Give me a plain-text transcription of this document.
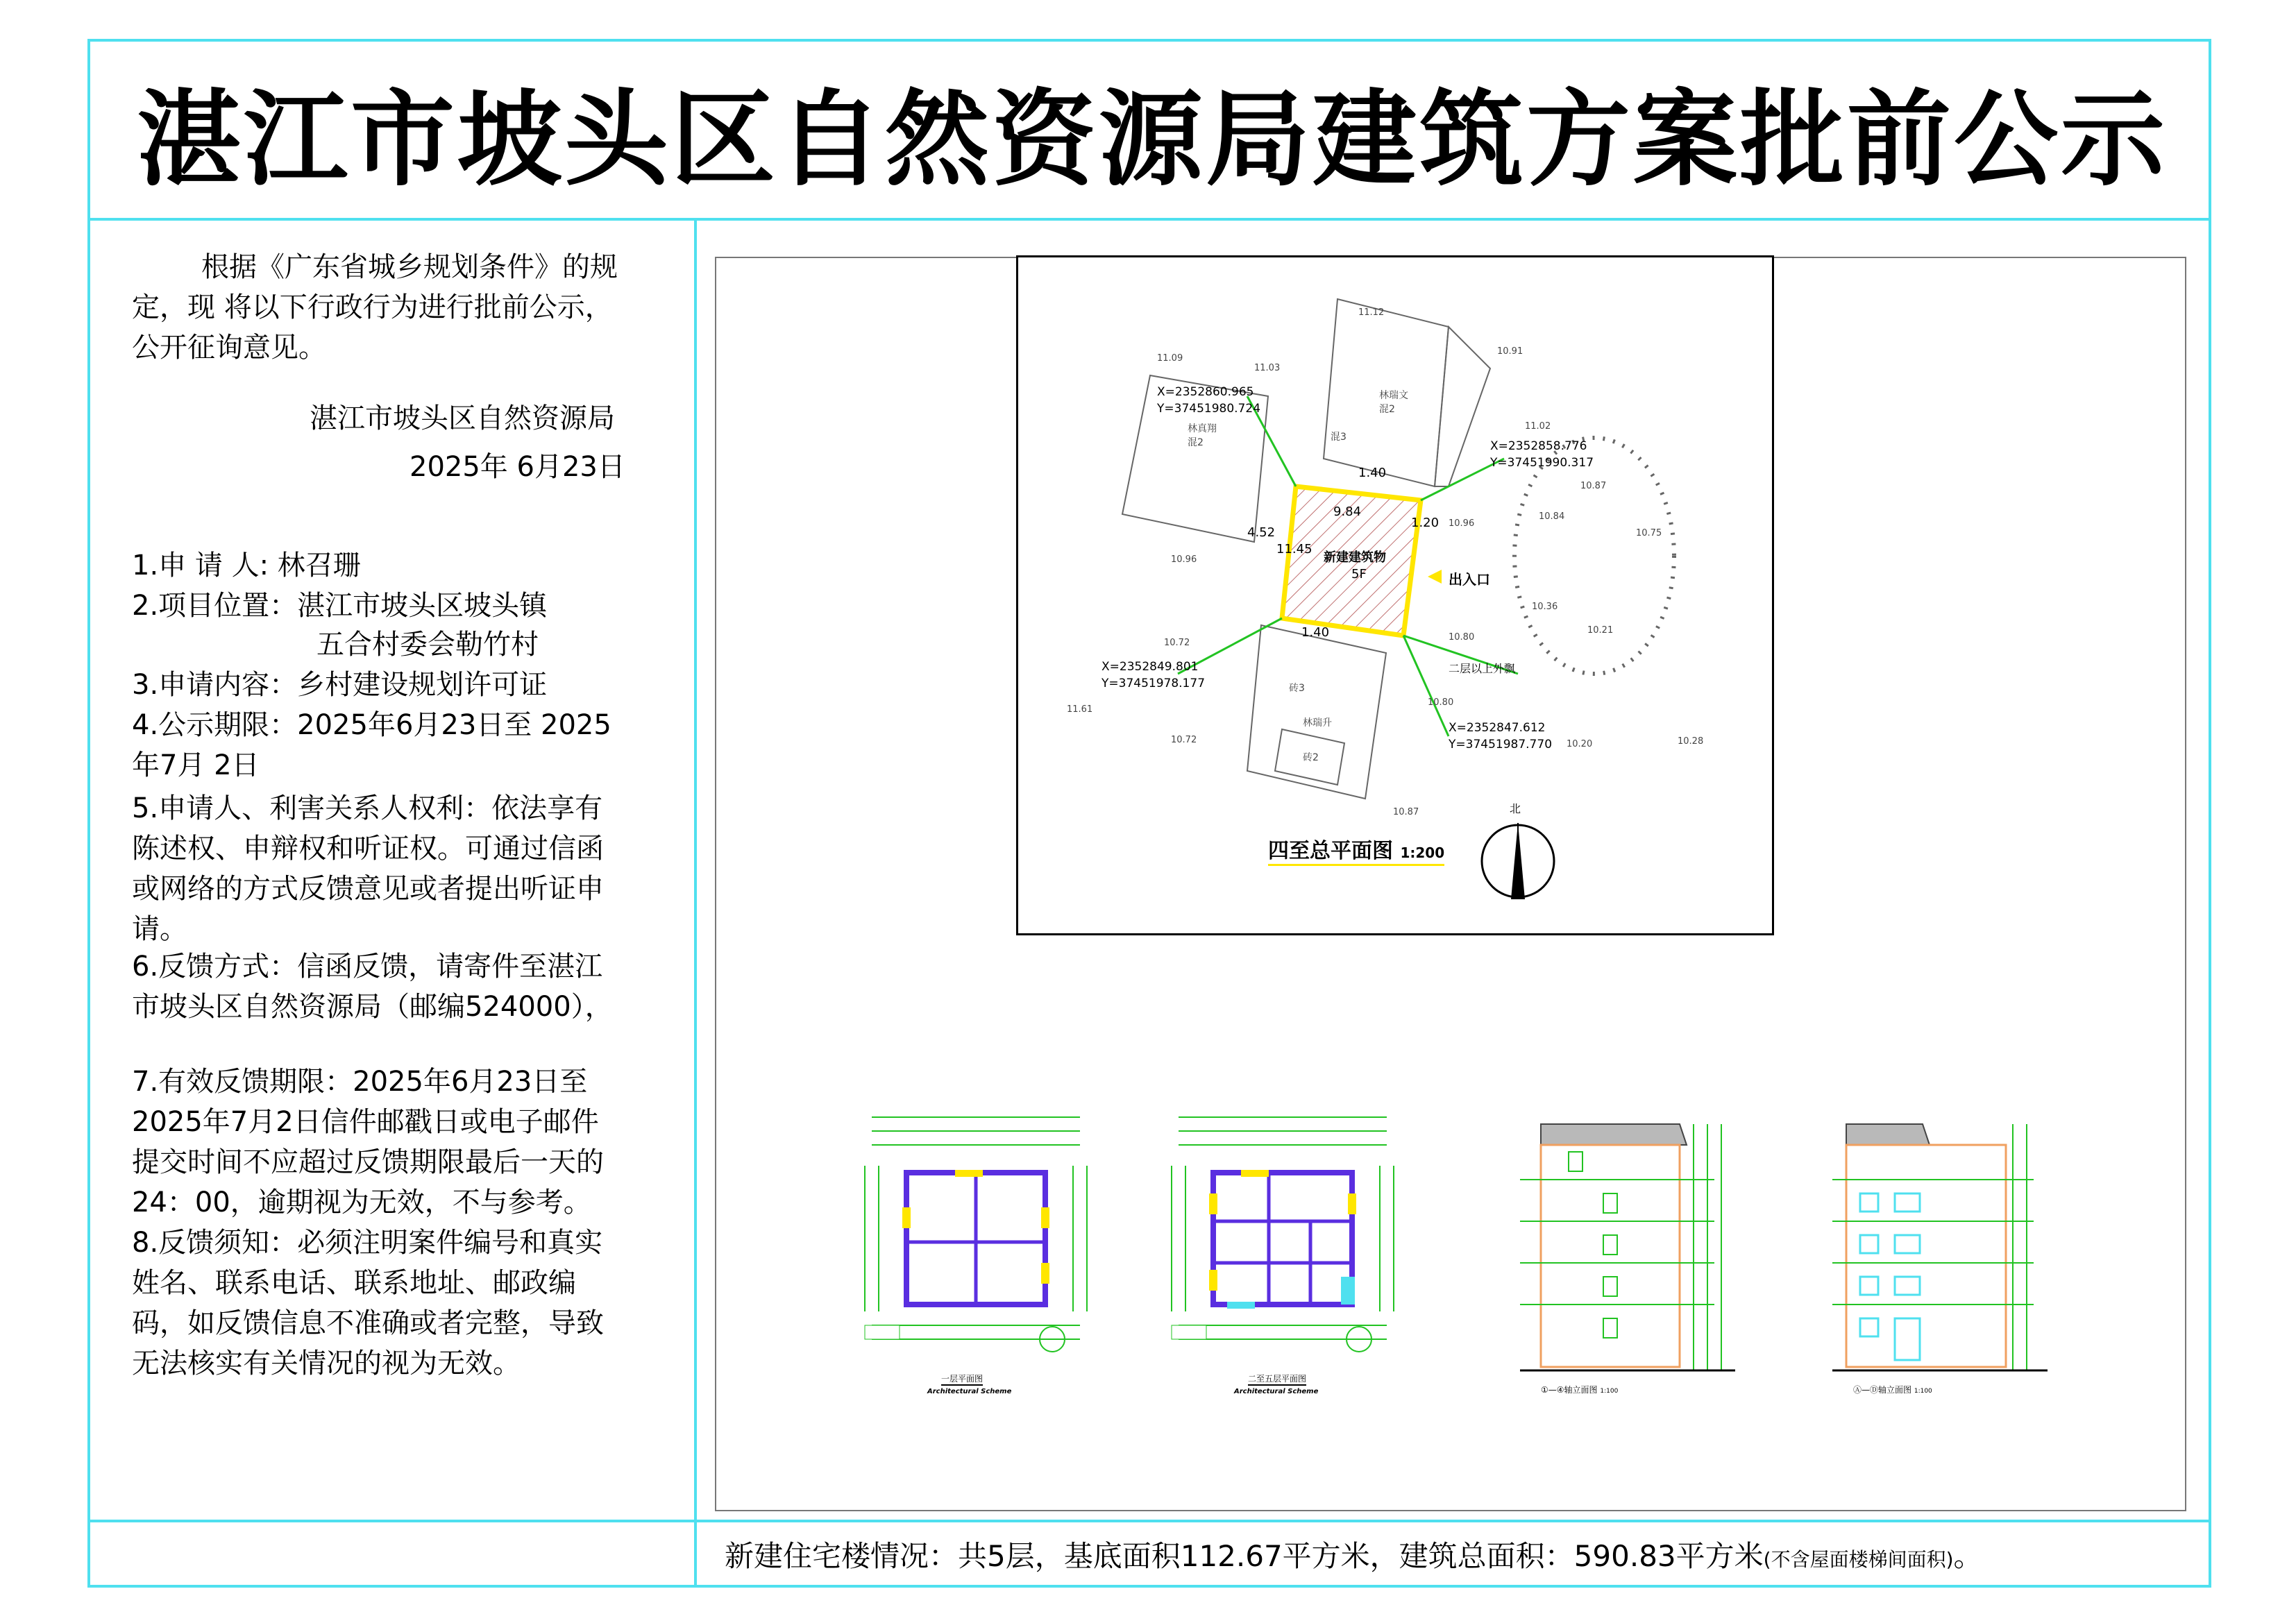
湛江市坡头区自然资源局建筑方案批前公示
根据《广东省城乡规划条件》的规
定，现 将以下行政行为进行批前公示，
公开征询意见。
湛江市坡头区自然资源局
2025年 6月23日
1.申 请 人: 林召珊
2.项目位置：湛江市坡头区坡头镇
五合村委会勒竹村
3.申请内容：乡村建设规划许可证
4.公示期限：2025年6月23日至 2025
年7月 2日
5.申请人、利害关系人权利：依法享有
陈述权、申辩权和听证权。可通过信函
或网络的方式反馈意见或者提出听证申
请。
6.反馈方式：信函反馈，请寄件至湛江
市坡头区自然资源局（邮编524000），
7.有效反馈期限：2025年6月23日至
2025年7月2日信件邮戳日或电子邮件
提交时间不应超过反馈期限最后一天的
24：00，逾期视为无效，不与参考。
8.反馈须知：必须注明案件编号和真实
姓名、联系电话、联系地址、邮政编
码，如反馈信息不准确或者完整，导致
无法核实有关情况的视为无效。
X=2352860.965
Y=37451980.724
X=2352858.776
Y=37451990.317
X=2352849.801
Y=37451978.177
X=2352847.612
Y=37451987.770
新建建筑物
5F	出入口
二层以上外飘
9.84
11.45
4.52
1.40
1.20
1.40
林瑞文
混2
混3
林真翔
混2
砖3
林瑞升
砖2
11.12
10.91
11.09
11.03
11.02
10.87
10.84
10.75
10.96
10.96
10.36
10.21
10.72
10.80
10.80
11.61
10.72	10.20	10.28
10.87
四至总平面图 1:200
北
一层平面图
Architectural Scheme
二至五层平面图
Architectural Scheme	①—④轴立面图 1:100	Ⓐ—Ⓓ轴立面图 1:100
新建住宅楼情况：共5层，基底面积112.67平方米，建筑总面积：590.83平方米(不含屋面楼梯间面积)。
